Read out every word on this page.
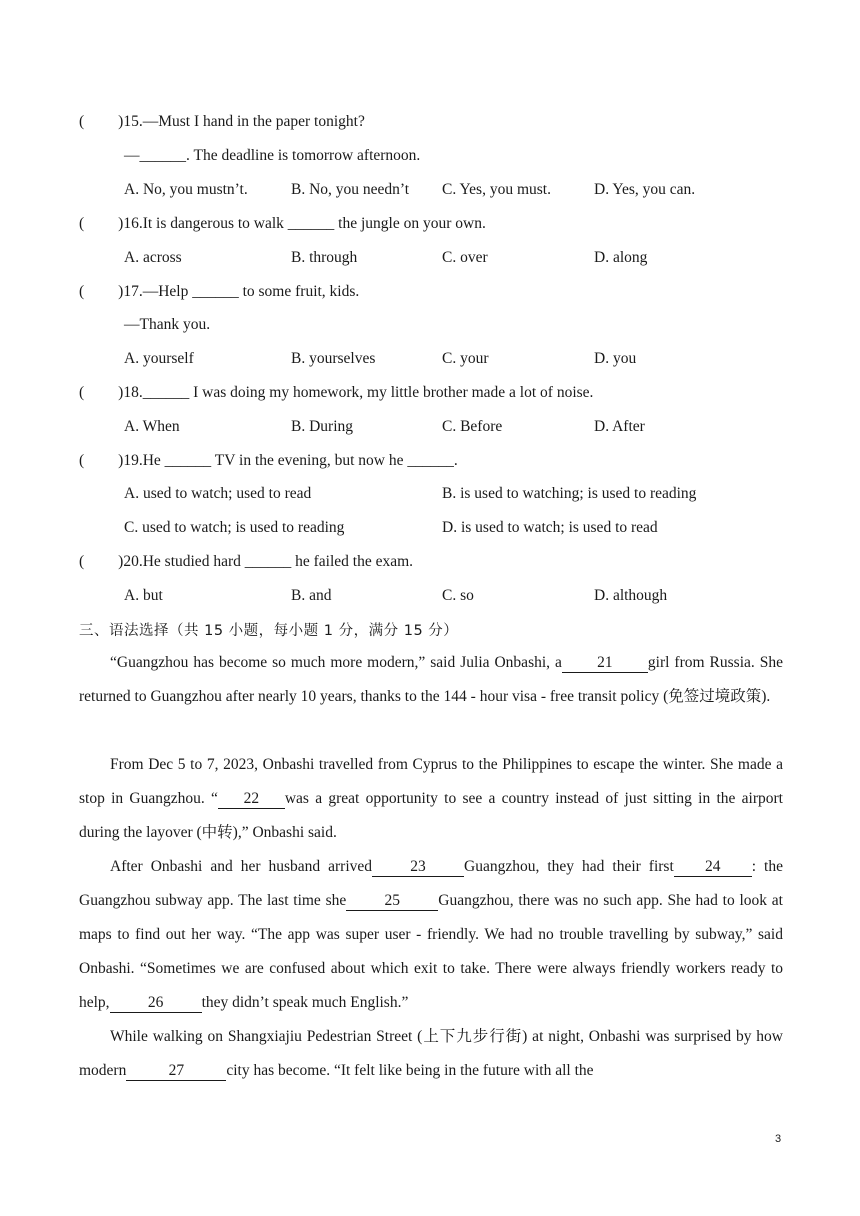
( )15.—Must I hand in the paper tonight?
—______. The deadline is tomorrow afternoon.
A. No, you mustn’t.	B. No, you needn’t C. Yes, you must.	D. Yes, you can.
( )16.It is dangerous to walk ______ the jungle on your own.
A. across	B. through	C. over	D. along
( )17.—Help ______ to some fruit, kids.
—Thank you.
A. yourself	B. yourselves	C. your	D. you
( )18.______ I was doing my homework, my little brother made a lot of noise.
A. When	B. During	C. Before	D. After
( )19.He ______ TV in the evening, but now he ______.
A. used to watch; used to read	B. is used to watching; is used to reading
C. used to watch; is used to reading	D. is used to watch; is used to read
( )20.He studied hard ______ he failed the exam.
A. but	B. and	C. so	D. although
三、语法选择（共 15 小题，每小题 1 分，满分 15 分）
“Guangzhou has become so much more modern,” said Julia Onbashi, a 21 girl from Russia. She returned to Guangzhou after nearly 10 years, thanks to the 144 - hour visa - free transit policy (免签过境政策).
From Dec 5 to 7, 2023, Onbashi travelled from Cyprus to the Philippines to escape the winter. She made a stop in Guangzhou. “ 22 was a great opportunity to see a country instead of just sitting in the airport during the layover (中转),” Onbashi said.
After Onbashi and her husband arrived 23 Guangzhou, they had their first 24 : the Guangzhou subway app. The last time she 25 Guangzhou, there was no such app. She had to look at maps to find out her way. “The app was super user - friendly. We had no trouble travelling by subway,” said Onbashi. “Sometimes we are confused about which exit to take. There were always friendly workers ready to help, 26 they didn’t speak much English.”
While walking on Shangxiajiu Pedestrian Street (上下九步行街) at night, Onbashi was surprised by how modern	27	city has become. “It felt like being in the future with all the
3
